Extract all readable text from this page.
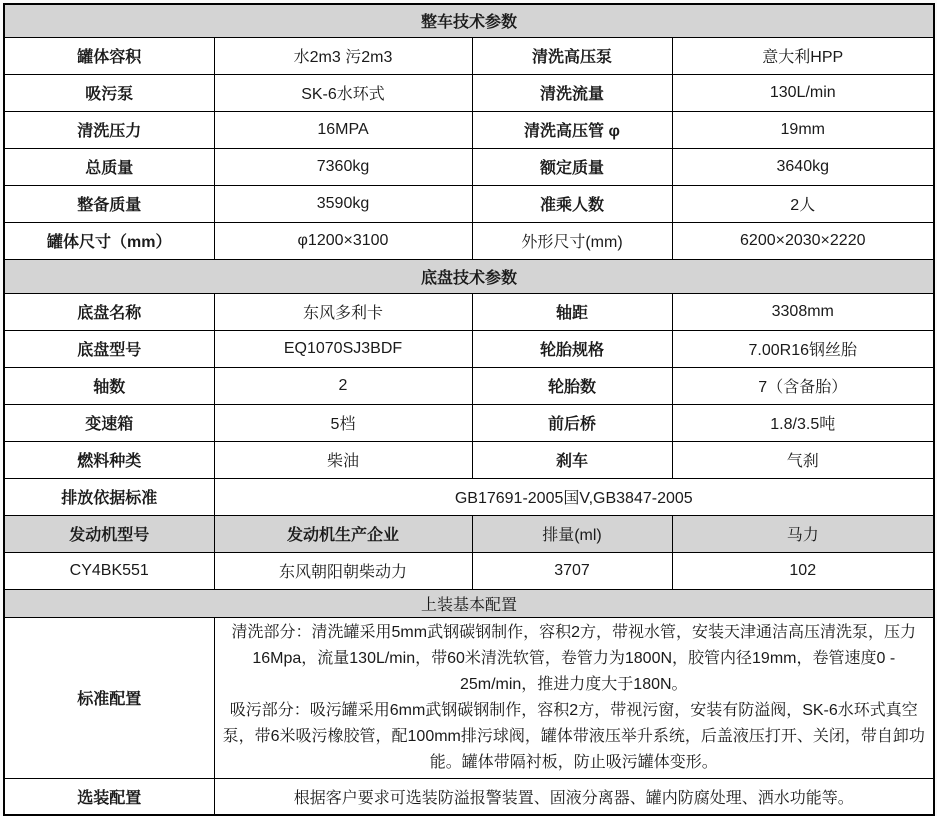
整车技术参数			
罐体容积	水2m3 污2m3	清洗高压泵	意大利HPP
吸污泵	SK-6水环式	清洗流量	130L/min
清洗压力	16MPA	清洗高压管 φ	19mm
总质量	7360kg	额定质量	3640kg
整备质量	3590kg	准乘人数	2人
罐体尺寸（mm）	φ1200×3100	外形尺寸(mm)	6200×2030×2220
底盘技术参数			
底盘名称	东风多利卡	轴距	3308mm
底盘型号	EQ1070SJ3BDF	轮胎规格	7.00R16钢丝胎
轴数	2	轮胎数	7（含备胎）
变速箱	5档	前后桥	1.8/3.5吨
燃料种类	柴油	刹车	气刹
排放依据标准	GB17691-2005国V,GB3847-2005		
发动机型号	发动机生产企业	排量(ml)	马力
CY4BK551	东风朝阳朝柴动力	3707	102
上装基本配置			
标准配置	清洗部分：清洗罐采用5mm武钢碳钢制作，容积2方，带视水管，安装天津通洁高压清洗泵，压力16Mpa，流量130L/min，带60米清洗软管，卷管力为1800N，胶管内径19mm，卷管速度0 - 25m/min，推进力度大于180N。

吸污部分：吸污罐采用6mm武钢碳钢制作，容积2方，带视污窗，安装有防溢阀，SK-6水环式真空泵，带6米吸污橡胶管，配100mm排污球阀，罐体带液压举升系统，后盖液压打开、关闭，带自卸功能。罐体带隔衬板，防止吸污罐体变形。		

选装配置	根据客户要求可选装防溢报警装置、固液分离器、罐内防腐处理、洒水功能等。		
